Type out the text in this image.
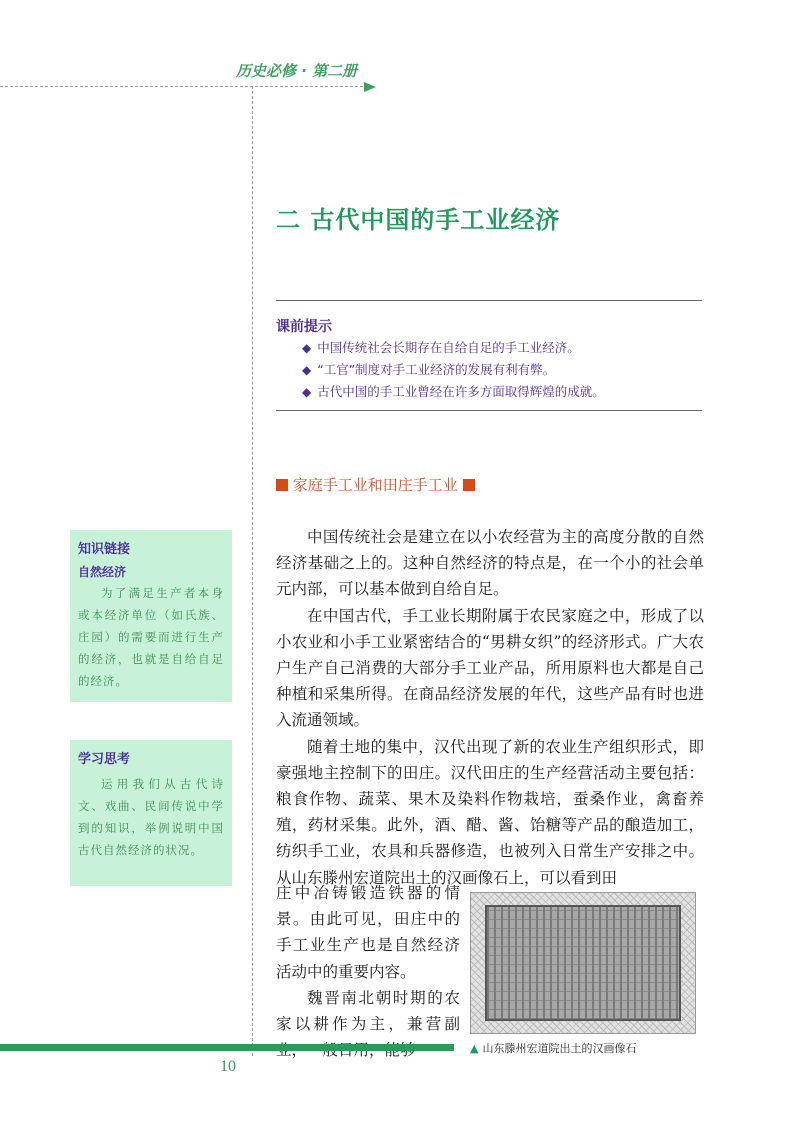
历史必修 · 第二册
二 古代中国的手工业经济
课前提示
◆ 中国传统社会长期存在自给自足的手工业经济。
◆ “工官”制度对手工业经济的发展有利有弊。
◆ 古代中国的手工业曾经在许多方面取得辉煌的成就。
家庭手工业和田庄手工业

中国传统社会是建立在以小农经营为主的高度分散的自然经济基础之上的。这种自然经济的特点是，在一个小的社会单元内部，可以基本做到自给自足。

在中国古代，手工业长期附属于农民家庭之中，形成了以小农业和小手工业紧密结合的“男耕女织”的经济形式。广大农户生产自己消费的大部分手工业产品，所用原料也大都是自己种植和采集所得。在商品经济发展的年代，这些产品有时也进入流通领域。

随着土地的集中，汉代出现了新的农业生产组织形式，即豪强地主控制下的田庄。汉代田庄的生产经营活动主要包括：粮食作物、蔬菜、果木及染料作物栽培，蚕桑作业，禽畜养殖，药材采集。此外，酒、醋、酱、饴糖等产品的酿造加工，纺织手工业，农具和兵器修造，也被列入日常生产安排之中。从山东滕州宏道院出土的汉画像石上，可以看到田

庄中冶铸锻造铁器的情景。由此可见，田庄中的手工业生产也是自然经济活动中的重要内容。

魏晋南北朝时期的农家以耕作为主，兼营副

知识链接
自然经济
为了满足生产者本身或本经济单位（如氏族、庄园）的需要而进行生产的经济，也就是自给自足的经济。
学习思考
运用我们从古代诗文、戏曲、民间传说中学到的知识，举例说明中国古代自然经济的状况。
▲ 山东滕州宏道院出土的汉画像石
10
